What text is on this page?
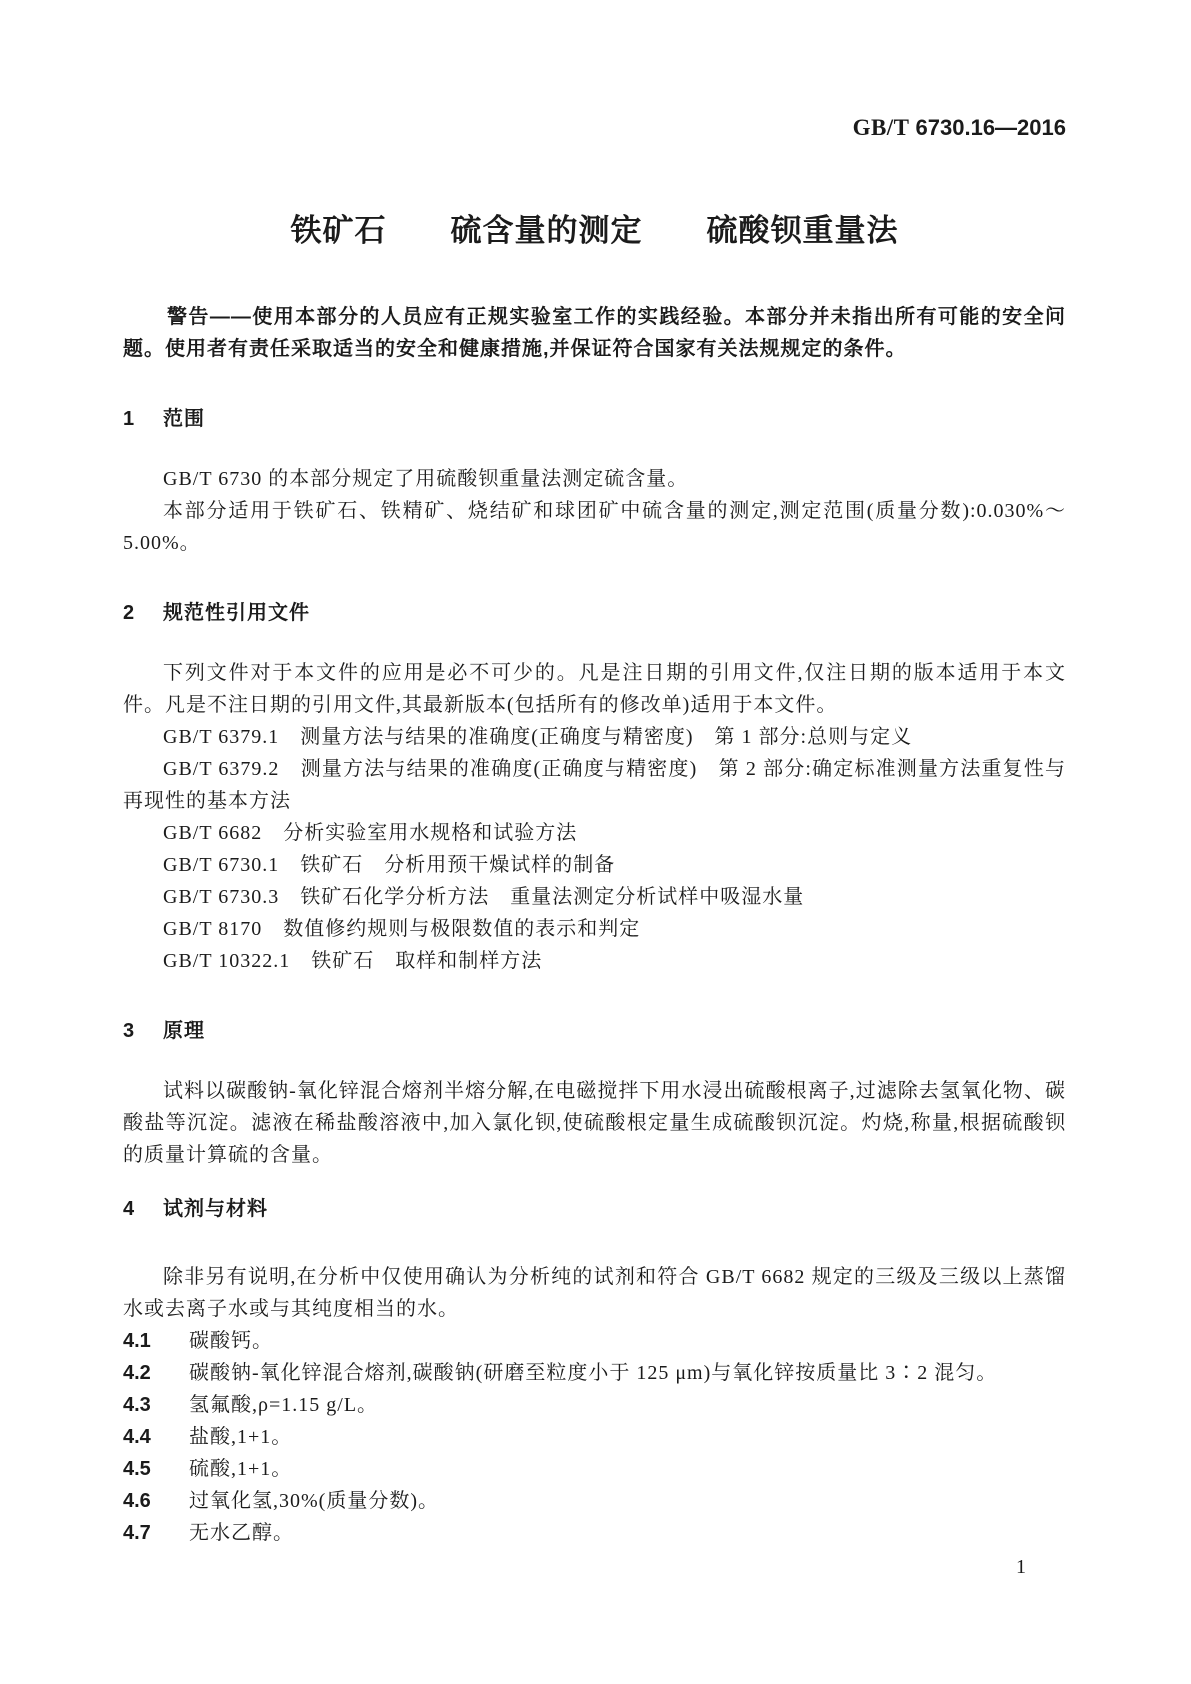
GB/T 6730.16—2016
铁矿石　　硫含量的测定　　硫酸钡重量法

警告——使用本部分的人员应有正规实验室工作的实践经验。本部分并未指出所有可能的安全问题。使用者有责任采取适当的安全和健康措施,并保证符合国家有关法规规定的条件。

1 范围

GB/T 6730 的本部分规定了用硫酸钡重量法测定硫含量。

本部分适用于铁矿石、铁精矿、烧结矿和球团矿中硫含量的测定,测定范围(质量分数):0.030%～5.00%。

2 规范性引用文件

下列文件对于本文件的应用是必不可少的。凡是注日期的引用文件,仅注日期的版本适用于本文件。凡是不注日期的引用文件,其最新版本(包括所有的修改单)适用于本文件。

GB/T 6379.1　测量方法与结果的准确度(正确度与精密度)　第 1 部分:总则与定义

GB/T 6379.2　测量方法与结果的准确度(正确度与精密度)　第 2 部分:确定标准测量方法重复性与再现性的基本方法

GB/T 6682　分析实验室用水规格和试验方法

GB/T 6730.1　铁矿石　分析用预干燥试样的制备

GB/T 6730.3　铁矿石化学分析方法　重量法测定分析试样中吸湿水量

GB/T 8170　数值修约规则与极限数值的表示和判定

GB/T 10322.1　铁矿石　取样和制样方法

3 原理

试料以碳酸钠-氧化锌混合熔剂半熔分解,在电磁搅拌下用水浸出硫酸根离子,过滤除去氢氧化物、碳酸盐等沉淀。滤液在稀盐酸溶液中,加入氯化钡,使硫酸根定量生成硫酸钡沉淀。灼烧,称量,根据硫酸钡的质量计算硫的含量。

4 试剂与材料

除非另有说明,在分析中仅使用确认为分析纯的试剂和符合 GB/T 6682 规定的三级及三级以上蒸馏水或去离子水或与其纯度相当的水。

4.1 碳酸钙。

4.2 碳酸钠-氧化锌混合熔剂,碳酸钠(研磨至粒度小于 125 μm)与氧化锌按质量比 3∶2 混匀。

4.3 氢氟酸,ρ=1.15 g/L。

4.4 盐酸,1+1。

4.5 硫酸,1+1。

4.6 过氧化氢,30%(质量分数)。

4.7 无水乙醇。

1
